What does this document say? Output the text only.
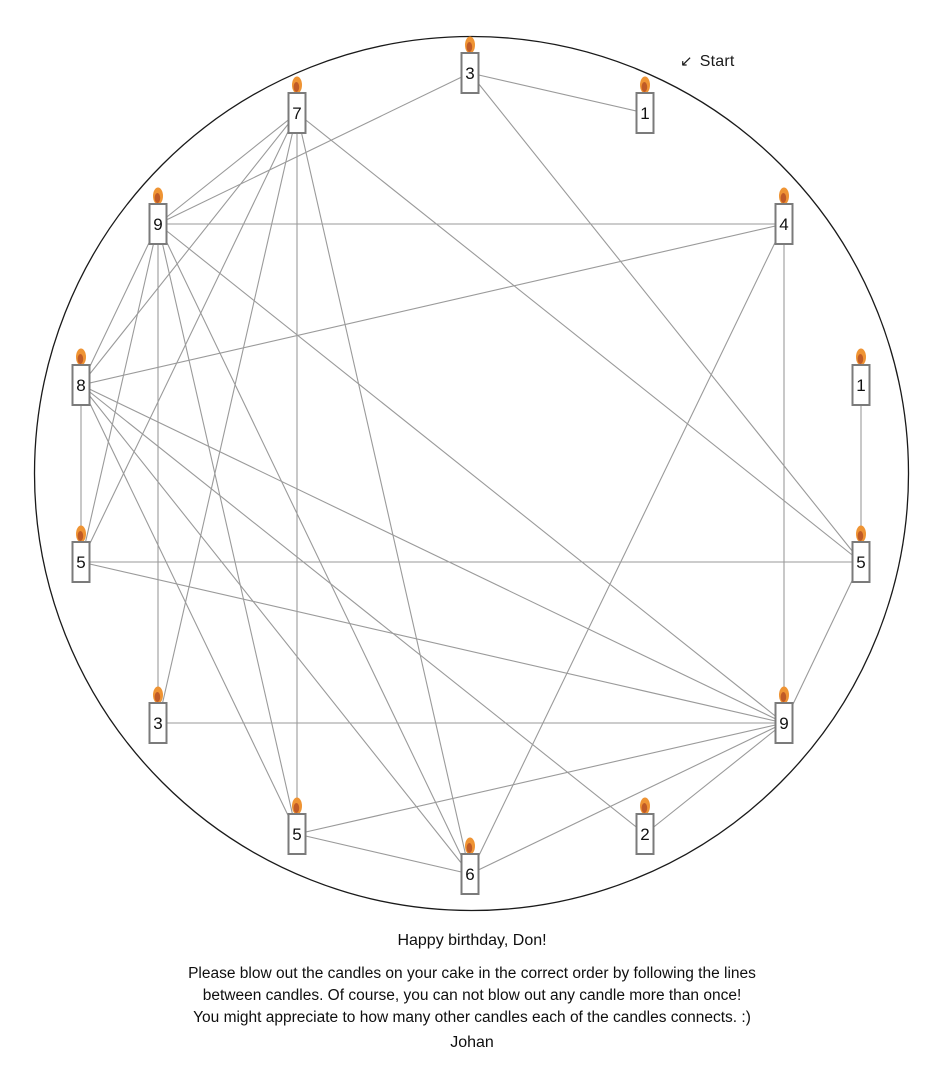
3
1
4
1
5
9
2
6
5
3
5
8
9
7
↙ Start
Happy birthday, Don!
Please blow out the candles on your cake in the correct order by following the lines
between candles. Of course, you can not blow out any candle more than once!
You might appreciate to how many other candles each of the candles connects. :)
Johan
